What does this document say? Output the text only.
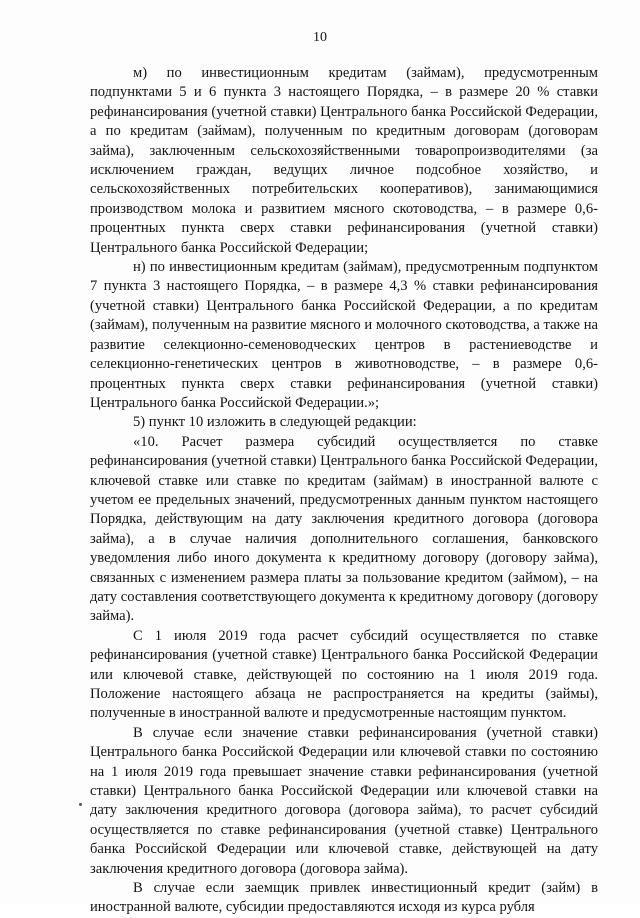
10

м) по инвестиционным кредитам (займам), предусмотренным подпунктами 5 и 6 пункта 3 настоящего Порядка, – в размере 20 % ставки рефинансирования (учетной ставки) Центрального банка Российской Федерации, а по кредитам (займам), полученным по кредитным договорам (договорам займа), заключенным сельскохозяйственными товаропроизводителями (за исключением граждан, ведущих личное подсобное хозяйство, и сельскохозяйственных потребительских кооперативов), занимающимися производством молока и развитием мясного скотоводства, – в размере 0,6-процентных пункта сверх ставки рефинансирования (учетной ставки) Центрального банка Российской Федерации;

н) по инвестиционным кредитам (займам), предусмотренным подпунктом 7 пункта 3 настоящего Порядка, – в размере 4,3 % ставки рефинансирования (учетной ставки) Центрального банка Российской Федерации, а по кредитам (займам), полученным на развитие мясного и молочного скотоводства, а также на развитие селекционно-семеноводческих центров в растениеводстве и селекционно-генетических центров в животноводстве, – в размере 0,6-процентных пункта сверх ставки рефинансирования (учетной ставки) Центрального банка Российской Федерации.»;

5) пункт 10 изложить в следующей редакции:

«10. Расчет размера субсидий осуществляется по ставке рефинансирования (учетной ставки) Центрального банка Российской Федерации, ключевой ставке или ставке по кредитам (займам) в иностранной валюте с учетом ее предельных значений, предусмотренных данным пунктом настоящего Порядка, действующим на дату заключения кредитного договора (договора займа), а в случае наличия дополнительного соглашения, банковского уведомления либо иного документа к кредитному договору (договору займа), связанных с изменением размера платы за пользование кредитом (займом), – на дату составления соответствующего документа к кредитному договору (договору займа).

С 1 июля 2019 года расчет субсидий осуществляется по ставке рефинансирования (учетной ставке) Центрального банка Российской Федерации или ключевой ставке, действующей по состоянию на 1 июля 2019 года. Положение настоящего абзаца не распространяется на кредиты (займы), полученные в иностранной валюте и предусмотренные настоящим пунктом.

В случае если значение ставки рефинансирования (учетной ставки) Центрального банка Российской Федерации или ключевой ставки по состоянию на 1 июля 2019 года превышает значение ставки рефинансирования (учетной ставки) Центрального банка Российской Федерации или ключевой ставки на дату заключения кредитного договора (договора займа), то расчет субсидий осуществляется по ставке рефинансирования (учетной ставке) Центрального банка Российской Федерации или ключевой ставке, действующей на дату заключения кредитного договора (договора займа).

В случае если заемщик привлек инвестиционный кредит (займ) в иностранной валюте, субсидии предоставляются исходя из курса рубля
